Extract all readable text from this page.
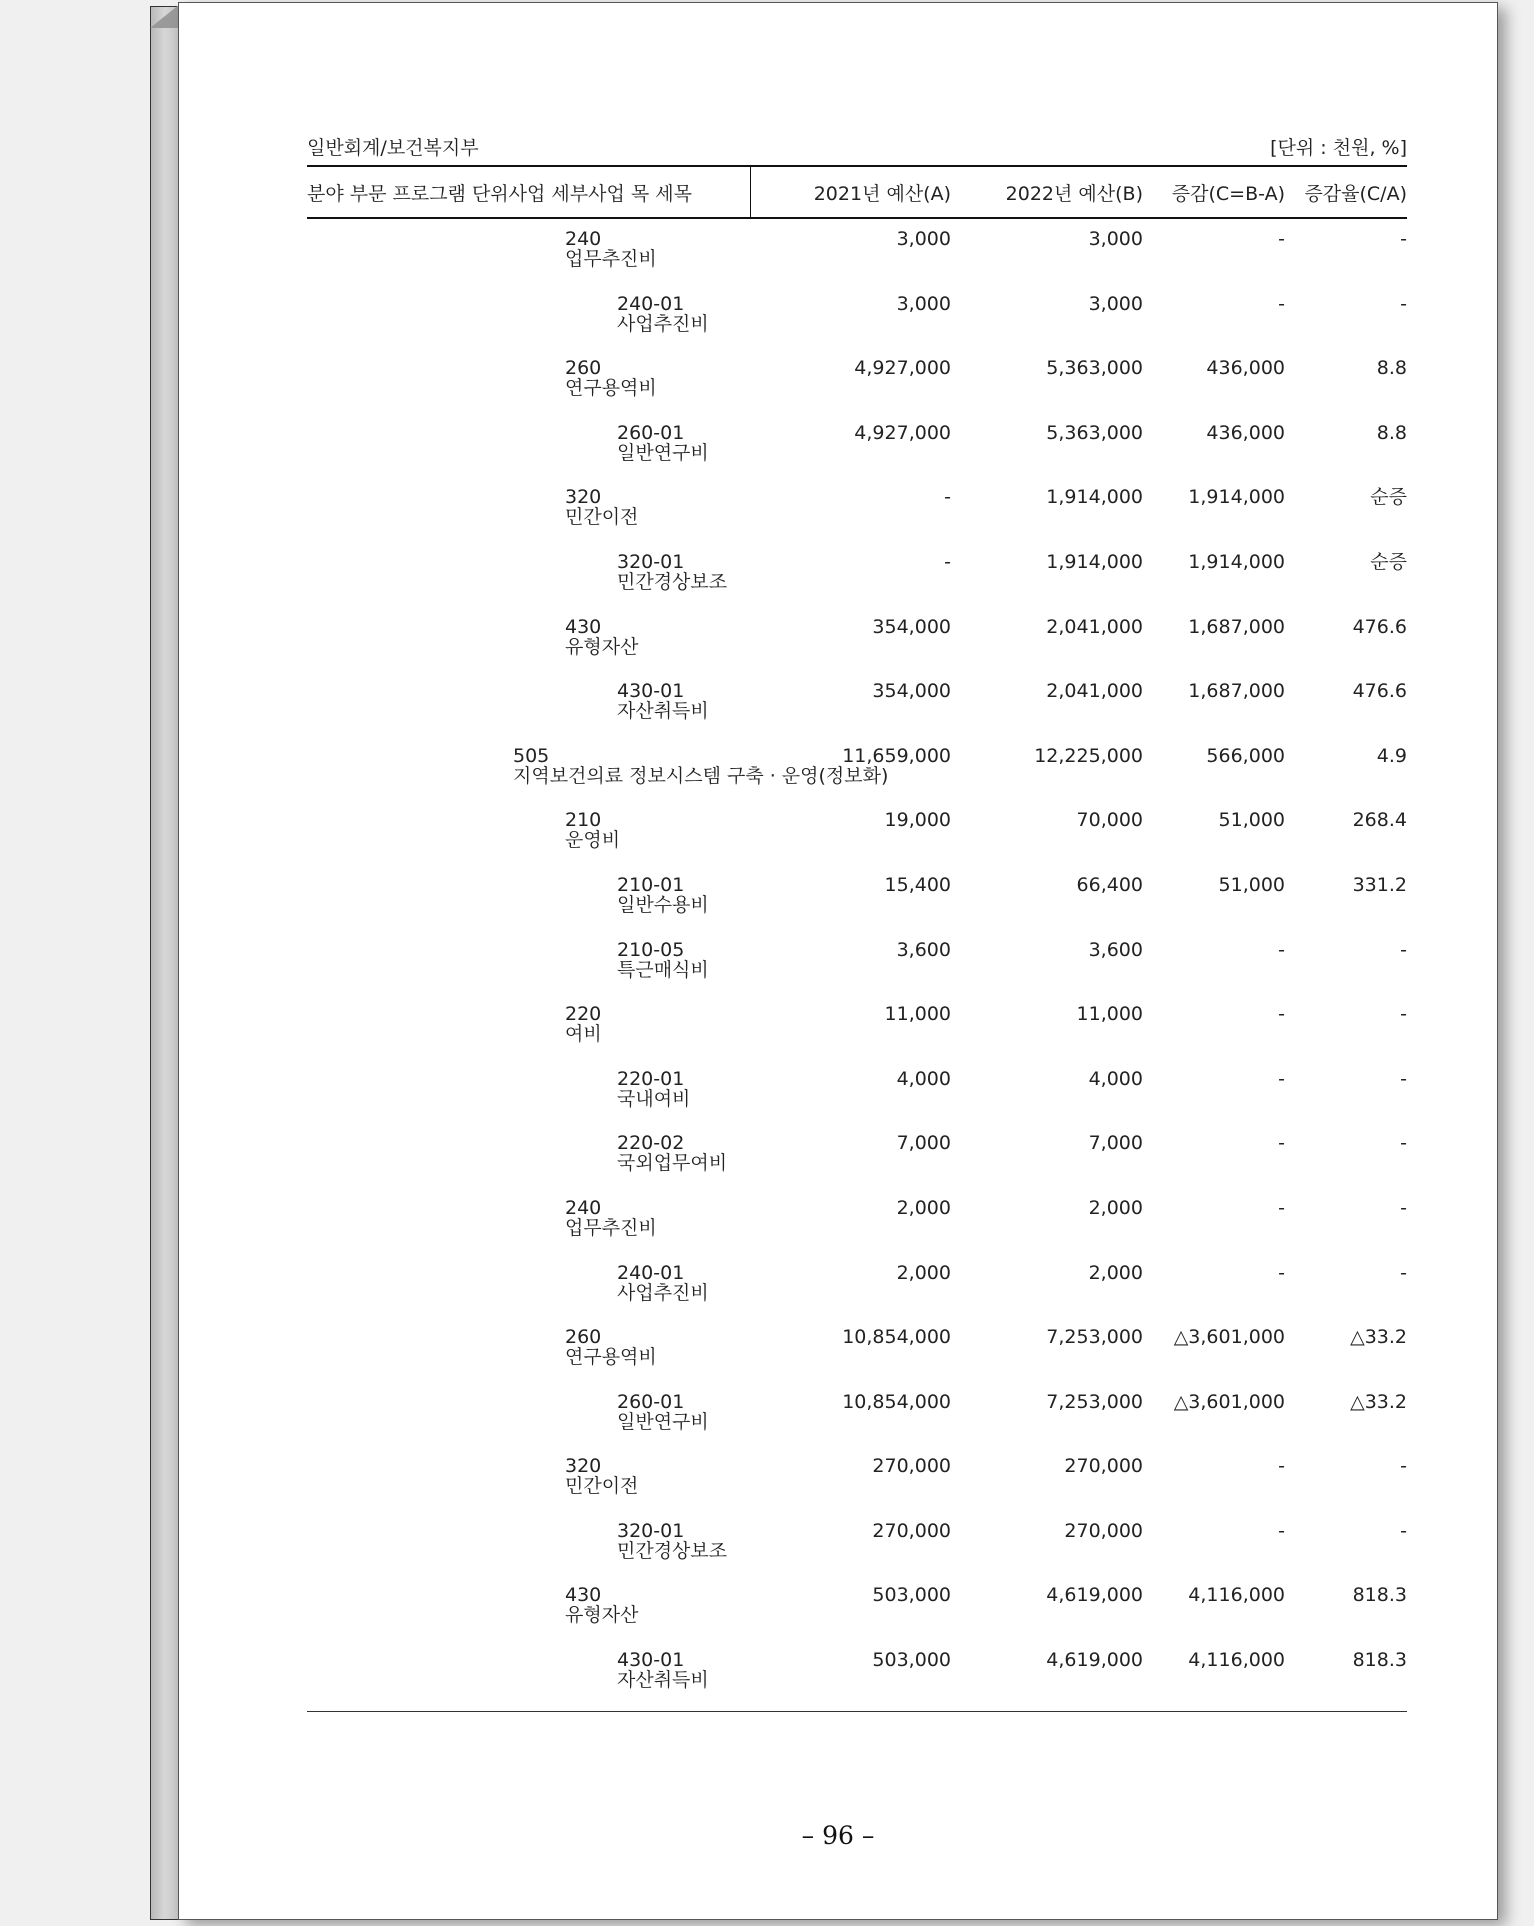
일반회계/보건복지부	[단위 : 천원, %]
분야 부문 프로그램 단위사업 세부사업 목 세목	2021년 예산(A)	2022년 예산(B)	증감(C=B-A)	증감율(C/A)
240
업무추진비
3,000	3,000	-	-
240-01
사업추진비
3,000	3,000	-	-
260
연구용역비
4,927,000	5,363,000	436,000	8.8
260-01
일반연구비
4,927,000	5,363,000	436,000	8.8
320
민간이전
-	1,914,000	1,914,000	순증
320-01
민간경상보조
-	1,914,000	1,914,000	순증
430
유형자산
354,000	2,041,000	1,687,000	476.6
430-01
자산취득비
354,000	2,041,000	1,687,000	476.6
505
지역보건의료 정보시스템 구축 · 운영(정보화)
11,659,000	12,225,000	566,000	4.9
210
운영비
19,000	70,000	51,000	268.4
210-01
일반수용비
15,400	66,400	51,000	331.2
210-05
특근매식비
3,600	3,600	-	-
220
여비
11,000	11,000	-	-
220-01
국내여비
4,000	4,000	-	-
220-02
국외업무여비
7,000	7,000	-	-
240
업무추진비
2,000	2,000	-	-
240-01
사업추진비
2,000	2,000	-	-
260
연구용역비
10,854,000	7,253,000	△3,601,000	△33.2
260-01
일반연구비
10,854,000	7,253,000	△3,601,000	△33.2
320
민간이전
270,000	270,000	-	-
320-01
민간경상보조
270,000	270,000	-	-
430
유형자산
503,000	4,619,000	4,116,000	818.3
430-01
자산취득비
503,000	4,619,000	4,116,000	818.3
– 96 –
